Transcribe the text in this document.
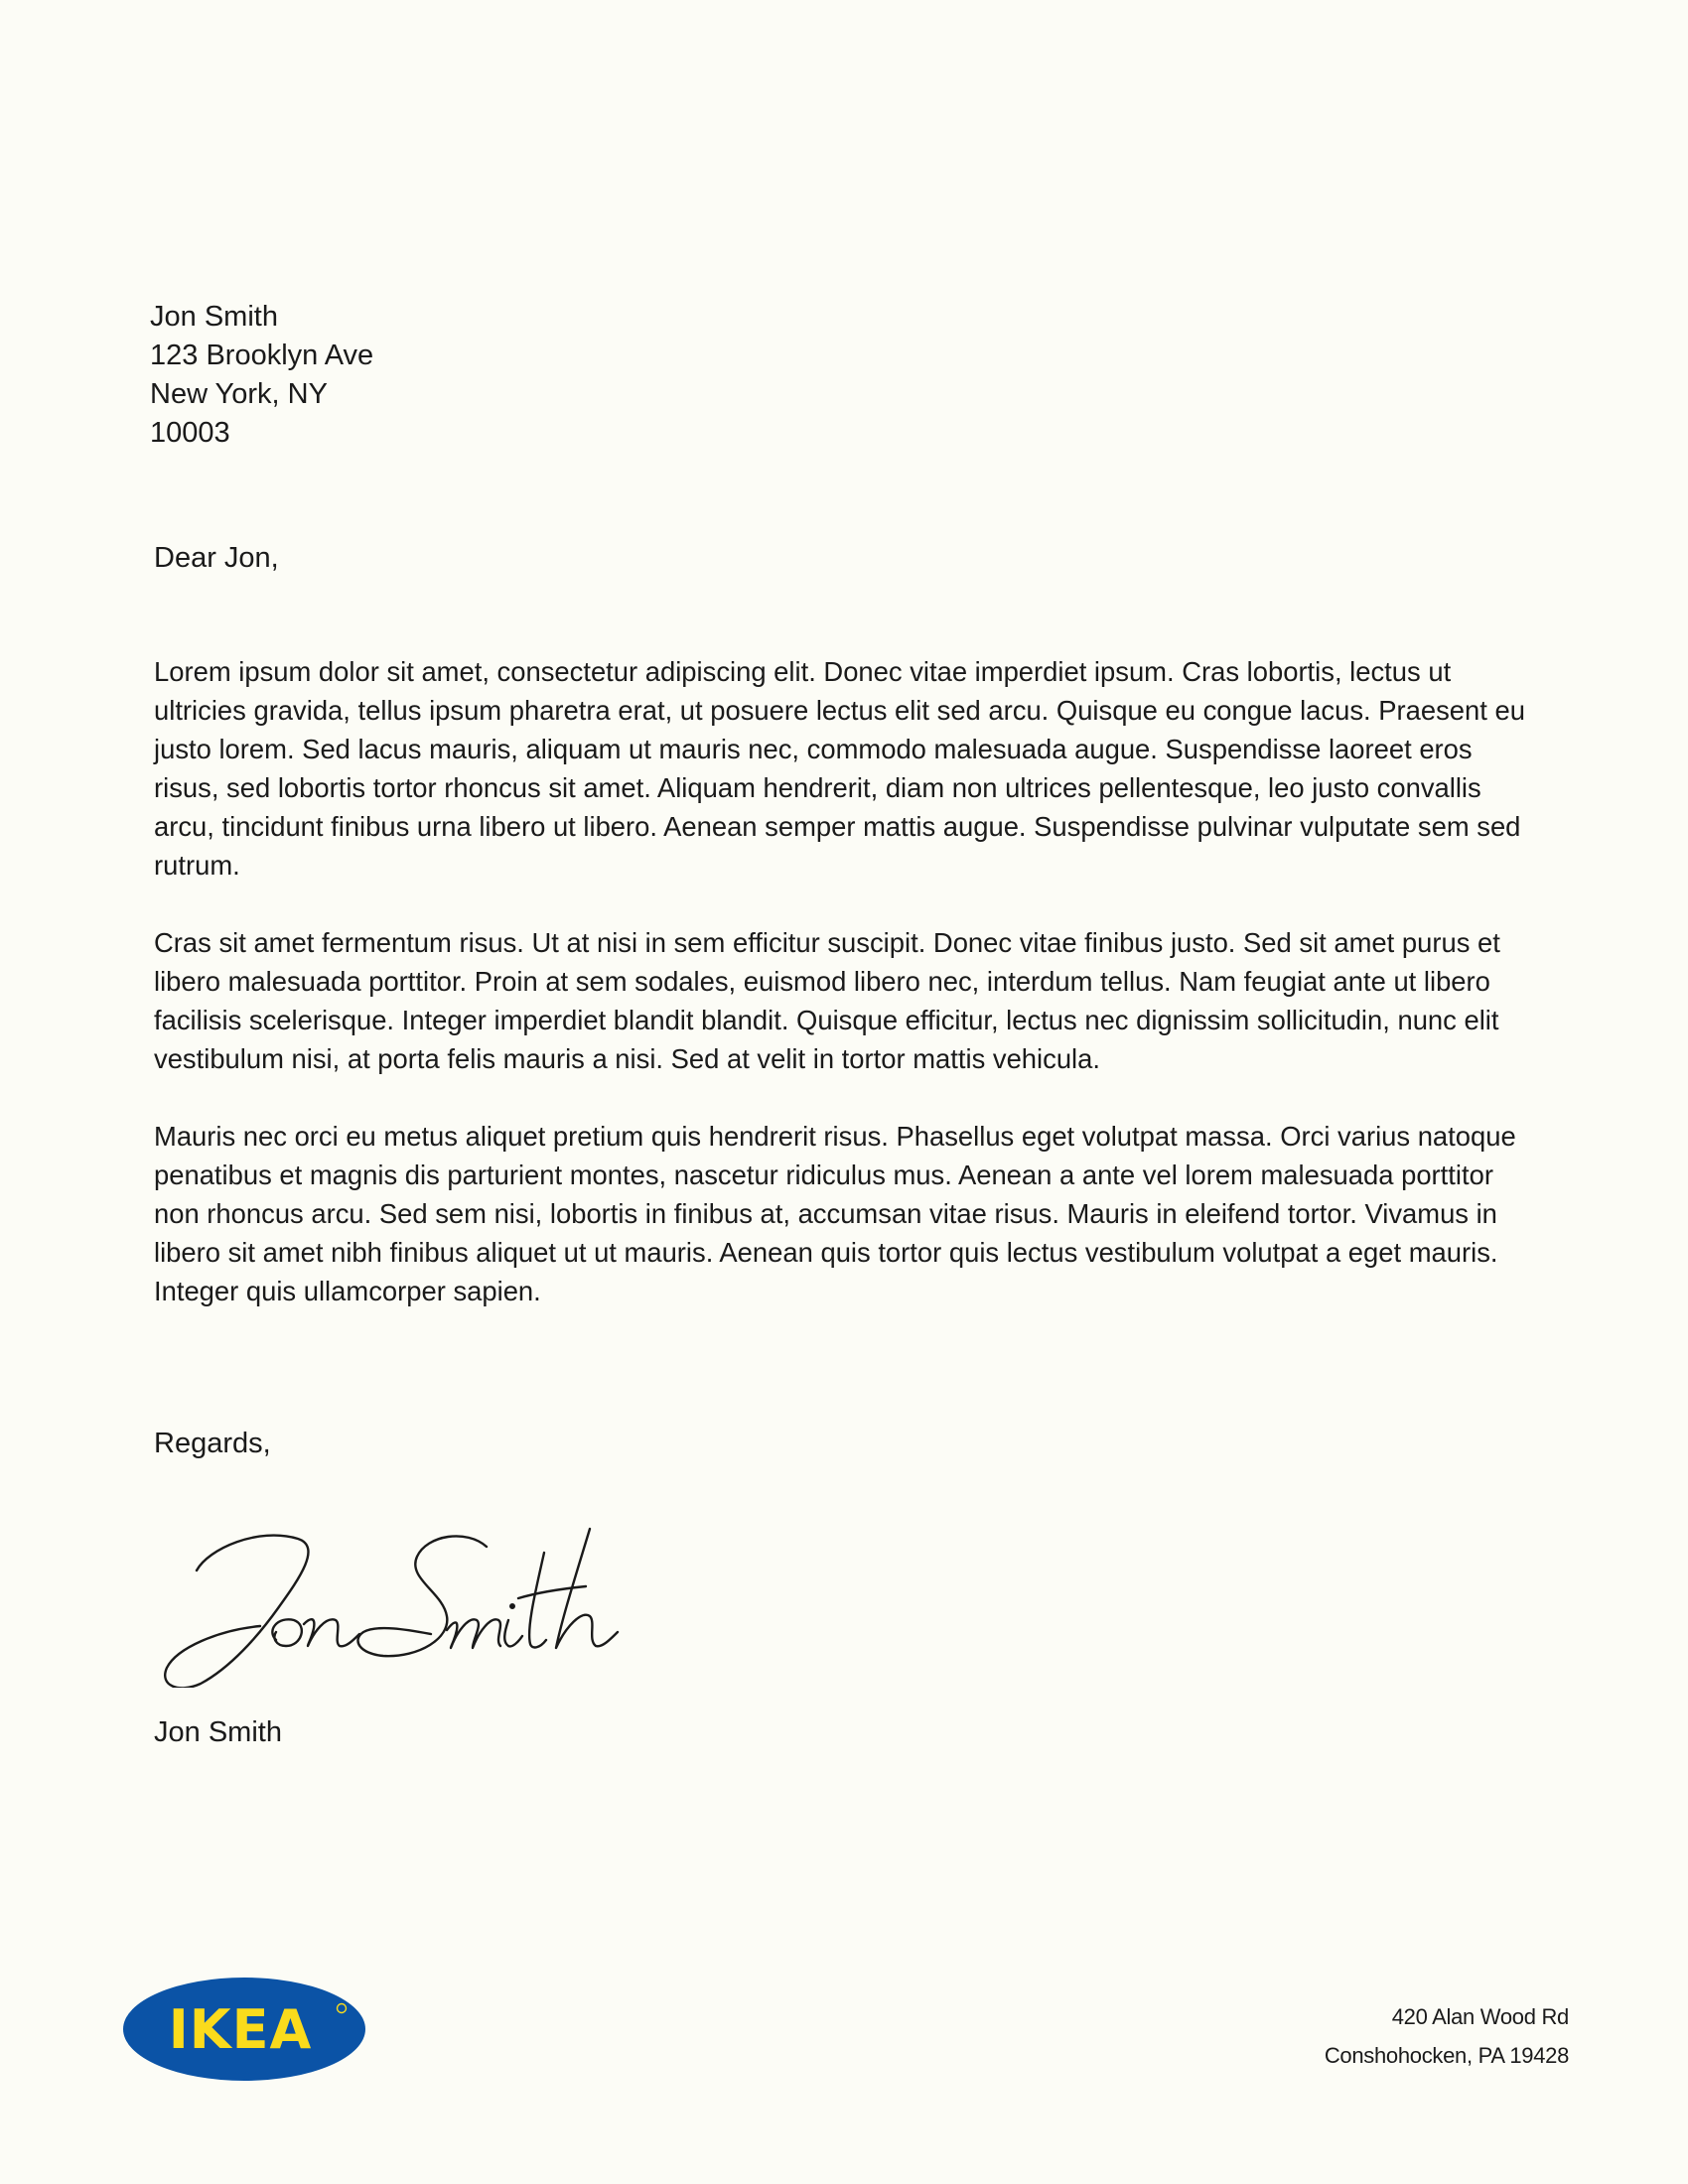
Jon Smith
123 Brooklyn Ave
New York, NY
10003
Dear Jon,

Lorem ipsum dolor sit amet, consectetur adipiscing elit. Donec vitae imperdiet ipsum. Cras lobortis, lectus ut ultricies gravida, tellus ipsum pharetra erat, ut posuere lectus elit sed arcu. Quisque eu congue lacus. Praesent eu justo lorem. Sed lacus mauris, aliquam ut mauris nec, commodo malesuada augue. Suspendisse laoreet eros risus, sed lobortis tortor rhoncus sit amet. Aliquam hendrerit, diam non ultrices pellentesque, leo justo convallis arcu, tincidunt finibus urna libero ut libero. Aenean semper mattis augue. Suspendisse pulvinar vulputate sem sed rutrum.

Cras sit amet fermentum risus. Ut at nisi in sem efficitur suscipit. Donec vitae finibus justo. Sed sit amet purus et libero malesuada porttitor. Proin at sem sodales, euismod libero nec, interdum tellus. Nam feugiat ante ut libero facilisis scelerisque. Integer imperdiet blandit blandit. Quisque efficitur, lectus nec dignissim sollicitudin, nunc elit vestibulum nisi, at porta felis mauris a nisi. Sed at velit in tortor mattis vehicula.

Mauris nec orci eu metus aliquet pretium quis hendrerit risus. Phasellus eget volutpat massa. Orci varius natoque penatibus et magnis dis parturient montes, nascetur ridiculus mus. Aenean a ante vel lorem malesuada porttitor non rhoncus arcu. Sed sem nisi, lobortis in finibus at, accumsan vitae risus. Mauris in eleifend tortor. Vivamus in libero sit amet nibh finibus aliquet ut ut mauris. Aenean quis tortor quis lectus vestibulum volutpat a eget mauris. Integer quis ullamcorper sapien.

Regards,
Jon Smith
IKEA	420 Alan Wood Rd
Conshohocken, PA 19428
